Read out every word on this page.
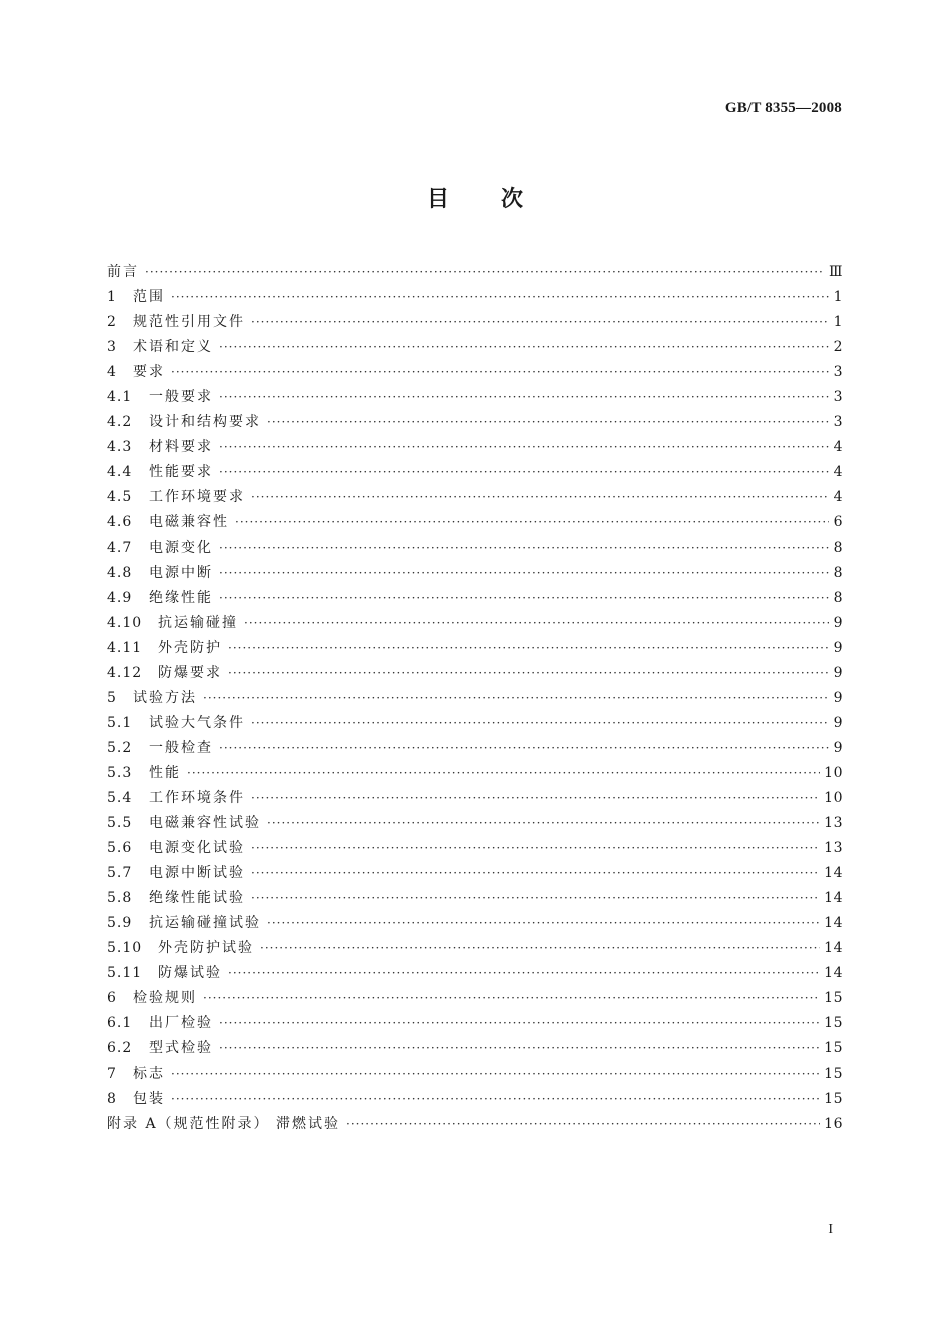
GB/T 8355—2008
目次
前言 ·····	Ⅲ
1	范围 ·····	1
2	规范性引用文件 ·····	1
3	术语和定义 ·····	2
4	要求 ·····	3
4.1	一般要求 ·····	3
4.2	设计和结构要求 ·····	3
4.3	材料要求 ·····	4
4.4	性能要求 ·····	4
4.5	工作环境要求 ·····	4
4.6	电磁兼容性 ·····	6
4.7	电源变化 ·····	8
4.8	电源中断 ·····	8
4.9	绝缘性能 ·····	8
4.10	抗运输碰撞 ·····	9
4.11	外壳防护 ·····	9
4.12	防爆要求 ·····	9
5	试验方法 ·····	9
5.1	试验大气条件 ·····	9
5.2	一般检查 ·····	9
5.3	性能 ·····	10
5.4	工作环境条件 ·····	10
5.5	电磁兼容性试验 ·····	13
5.6	电源变化试验 ·····	13
5.7	电源中断试验 ·····	14
5.8	绝缘性能试验 ·····	14
5.9	抗运输碰撞试验 ·····	14
5.10	外壳防护试验 ·····	14
5.11	防爆试验 ·····	14
6	检验规则 ·····	15
6.1	出厂检验 ·····	15
6.2	型式检验 ·····	15
7	标志 ·····	15
8	包装 ·····	15
附录 A（规范性附录） 滞燃试验 ·····	16
I
